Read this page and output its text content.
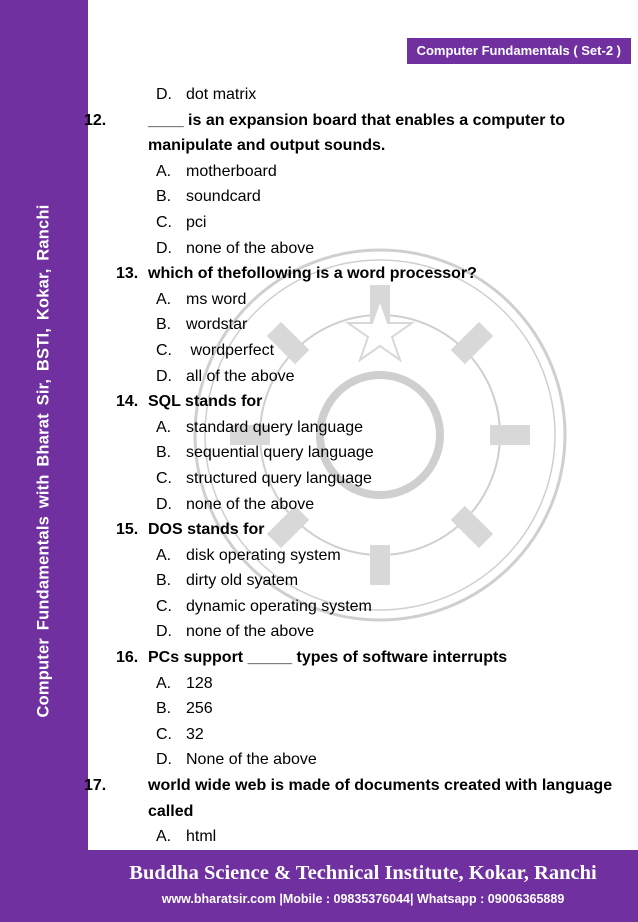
Computer Fundamentals with Bharat Sir, BSTI, Kokar, Ranchi
Computer Fundamentals ( Set-2 )
D. dot matrix
12.	____ is an expansion board that enables a computer to manipulate and output sounds.
A. motherboard
B. soundcard
C. pci
D. none of the above
13. which of thefollowing is a word processor?
A. ms word
B. wordstar
C. wordperfect
D. all of the above
14. SQL stands for
A. standard query language
B. sequential query language
C. structured query language
D. none of the above
15. DOS stands for
A. disk operating system
B. dirty old syatem
C. dynamic operating system
D. none of the above
16. PCs support _____ types of software interrupts
A. 128
B. 256
C. 32
D. None of the above
17.	world wide web is made of documents created with language called
A. html
Buddha Science & Technical Institute, Kokar, Ranchi
www.bharatsir.com |Mobile : 09835376044| Whatsapp : 09006365889
